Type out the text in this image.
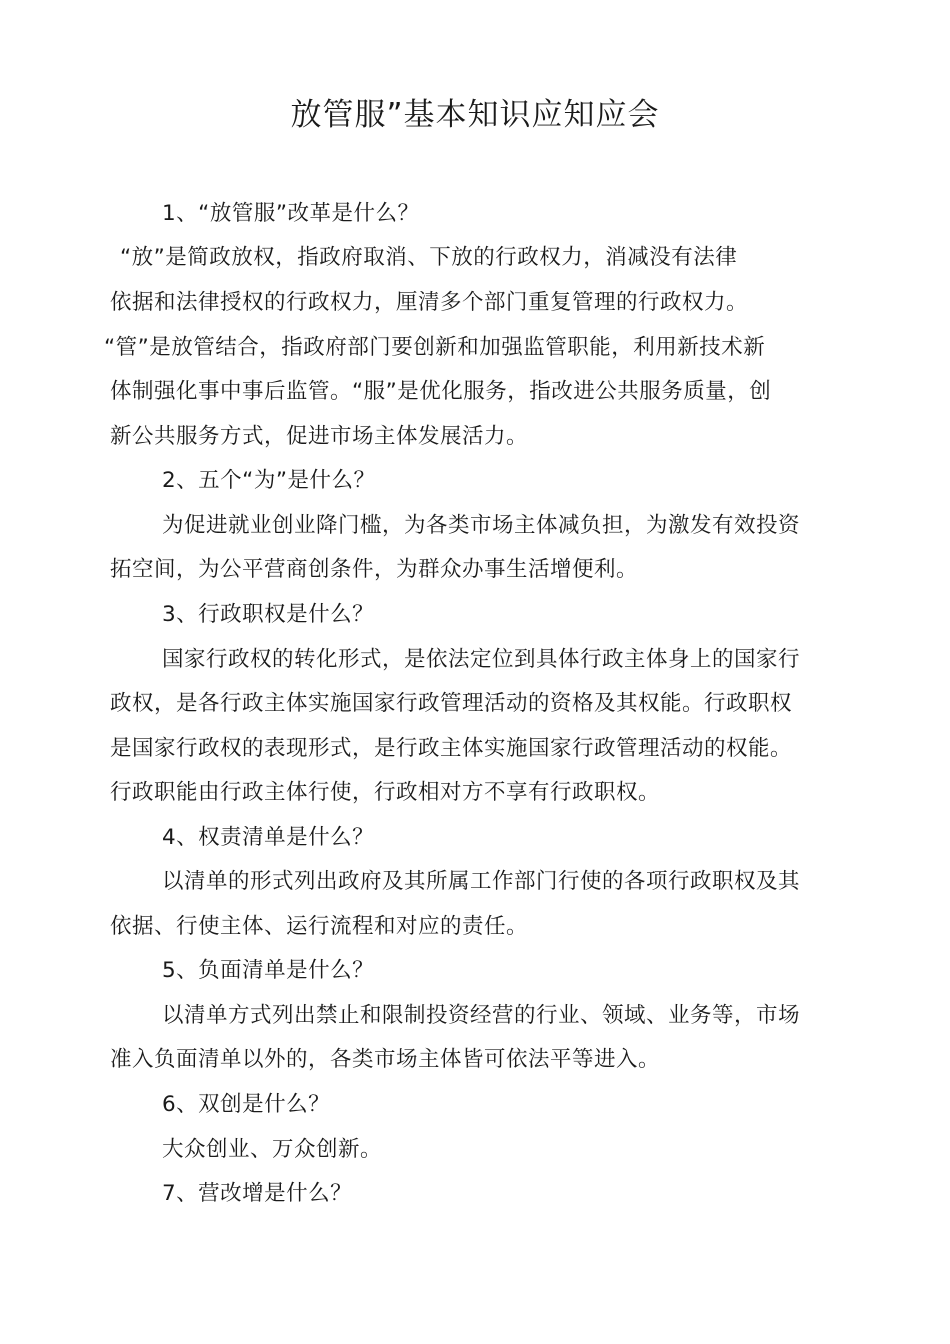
放管服”基本知识应知应会
1、“放管服”改革是什么？
“放”是简政放权，指政府取消、下放的行政权力，消减没有法律
依据和法律授权的行政权力，厘清多个部门重复管理的行政权力。
“管”是放管结合，指政府部门要创新和加强监管职能，利用新技术新
体制强化事中事后监管。“服”是优化服务，指改进公共服务质量，创
新公共服务方式，促进市场主体发展活力。
2、五个“为”是什么？
为促进就业创业降门槛，为各类市场主体减负担，为激发有效投资
拓空间，为公平营商创条件，为群众办事生活增便利。
3、行政职权是什么？
国家行政权的转化形式，是依法定位到具体行政主体身上的国家行
政权，是各行政主体实施国家行政管理活动的资格及其权能。行政职权
是国家行政权的表现形式，是行政主体实施国家行政管理活动的权能。
行政职能由行政主体行使，行政相对方不享有行政职权。
4、权责清单是什么？
以清单的形式列出政府及其所属工作部门行使的各项行政职权及其
依据、行使主体、运行流程和对应的责任。
5、负面清单是什么？
以清单方式列出禁止和限制投资经营的行业、领域、业务等，市场
准入负面清单以外的，各类市场主体皆可依法平等进入。
6、双创是什么？
大众创业、万众创新。
7、营改增是什么？
